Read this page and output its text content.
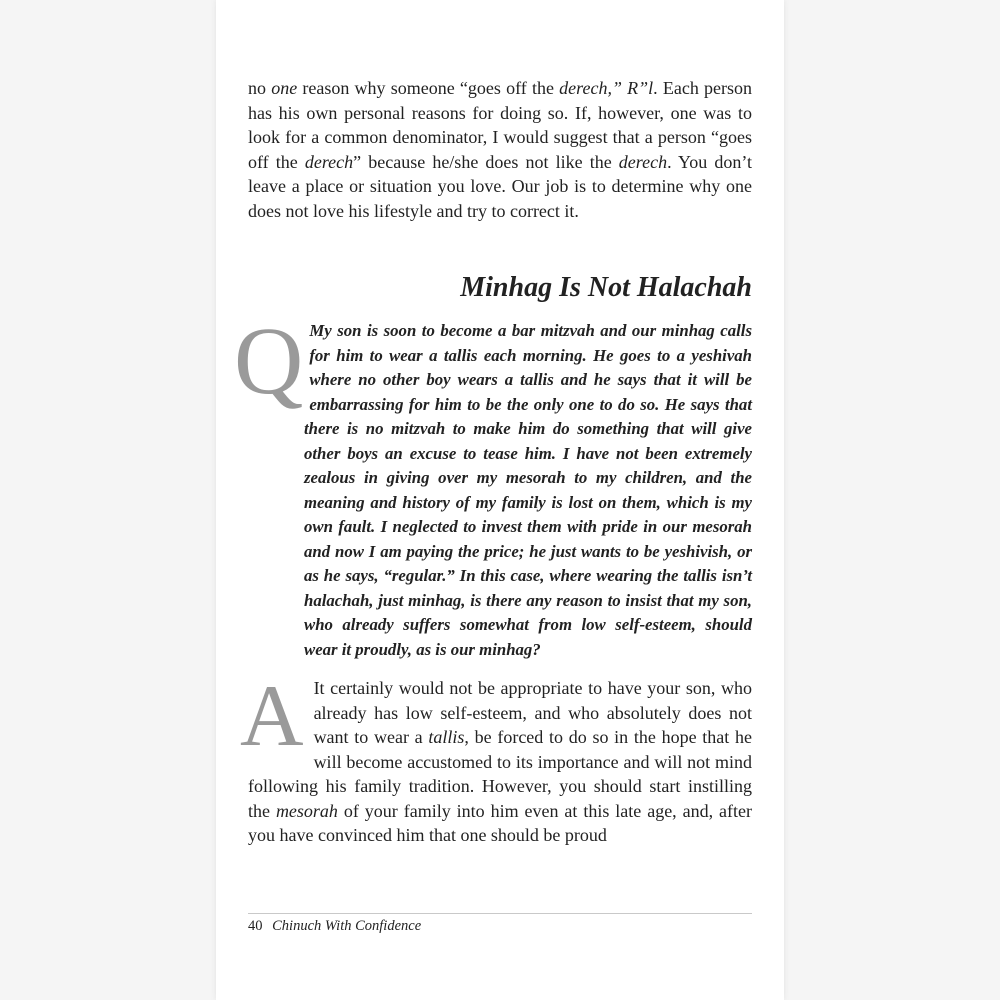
no one reason why someone “goes off the derech,” R”l. Each person has his own personal reasons for doing so. If, however, one was to look for a common denominator, I would suggest that a person “goes off the derech” because he/she does not like the derech. You don’t leave a place or situation you love. Our job is to determine why one does not love his lifestyle and try to correct it.

Minhag Is Not Halachah
Q My son is soon to become a bar mitzvah and our minhag calls for him to wear a tallis each morning. He goes to a yeshivah where no other boy wears a tallis and he says that it will be embarrassing for him to be the only one to do so. He says that there is no mitzvah to make him do something that will give other boys an excuse to tease him. I have not been extremely zealous in giving over my mesorah to my children, and the meaning and history of my family is lost on them, which is my own fault. I neglected to invest them with pride in our mesorah and now I am paying the price; he just wants to be yeshivish, or as he says, “regular.” In this case, where wearing the tallis isn’t halachah, just minhag, is there any reason to insist that my son, who already suffers somewhat from low self-esteem, should wear it proudly, as is our minhag?

A It certainly would not be appropriate to have your son, who already has low self-esteem, and who absolutely does not want to wear a tallis, be forced to do so in the hope that he will become accustomed to its importance and will not mind following his family tradition. However, you should start instilling the mesorah of your family into him even at this late age, and, after you have convinced him that one should be proud
40 Chinuch With Confidence
